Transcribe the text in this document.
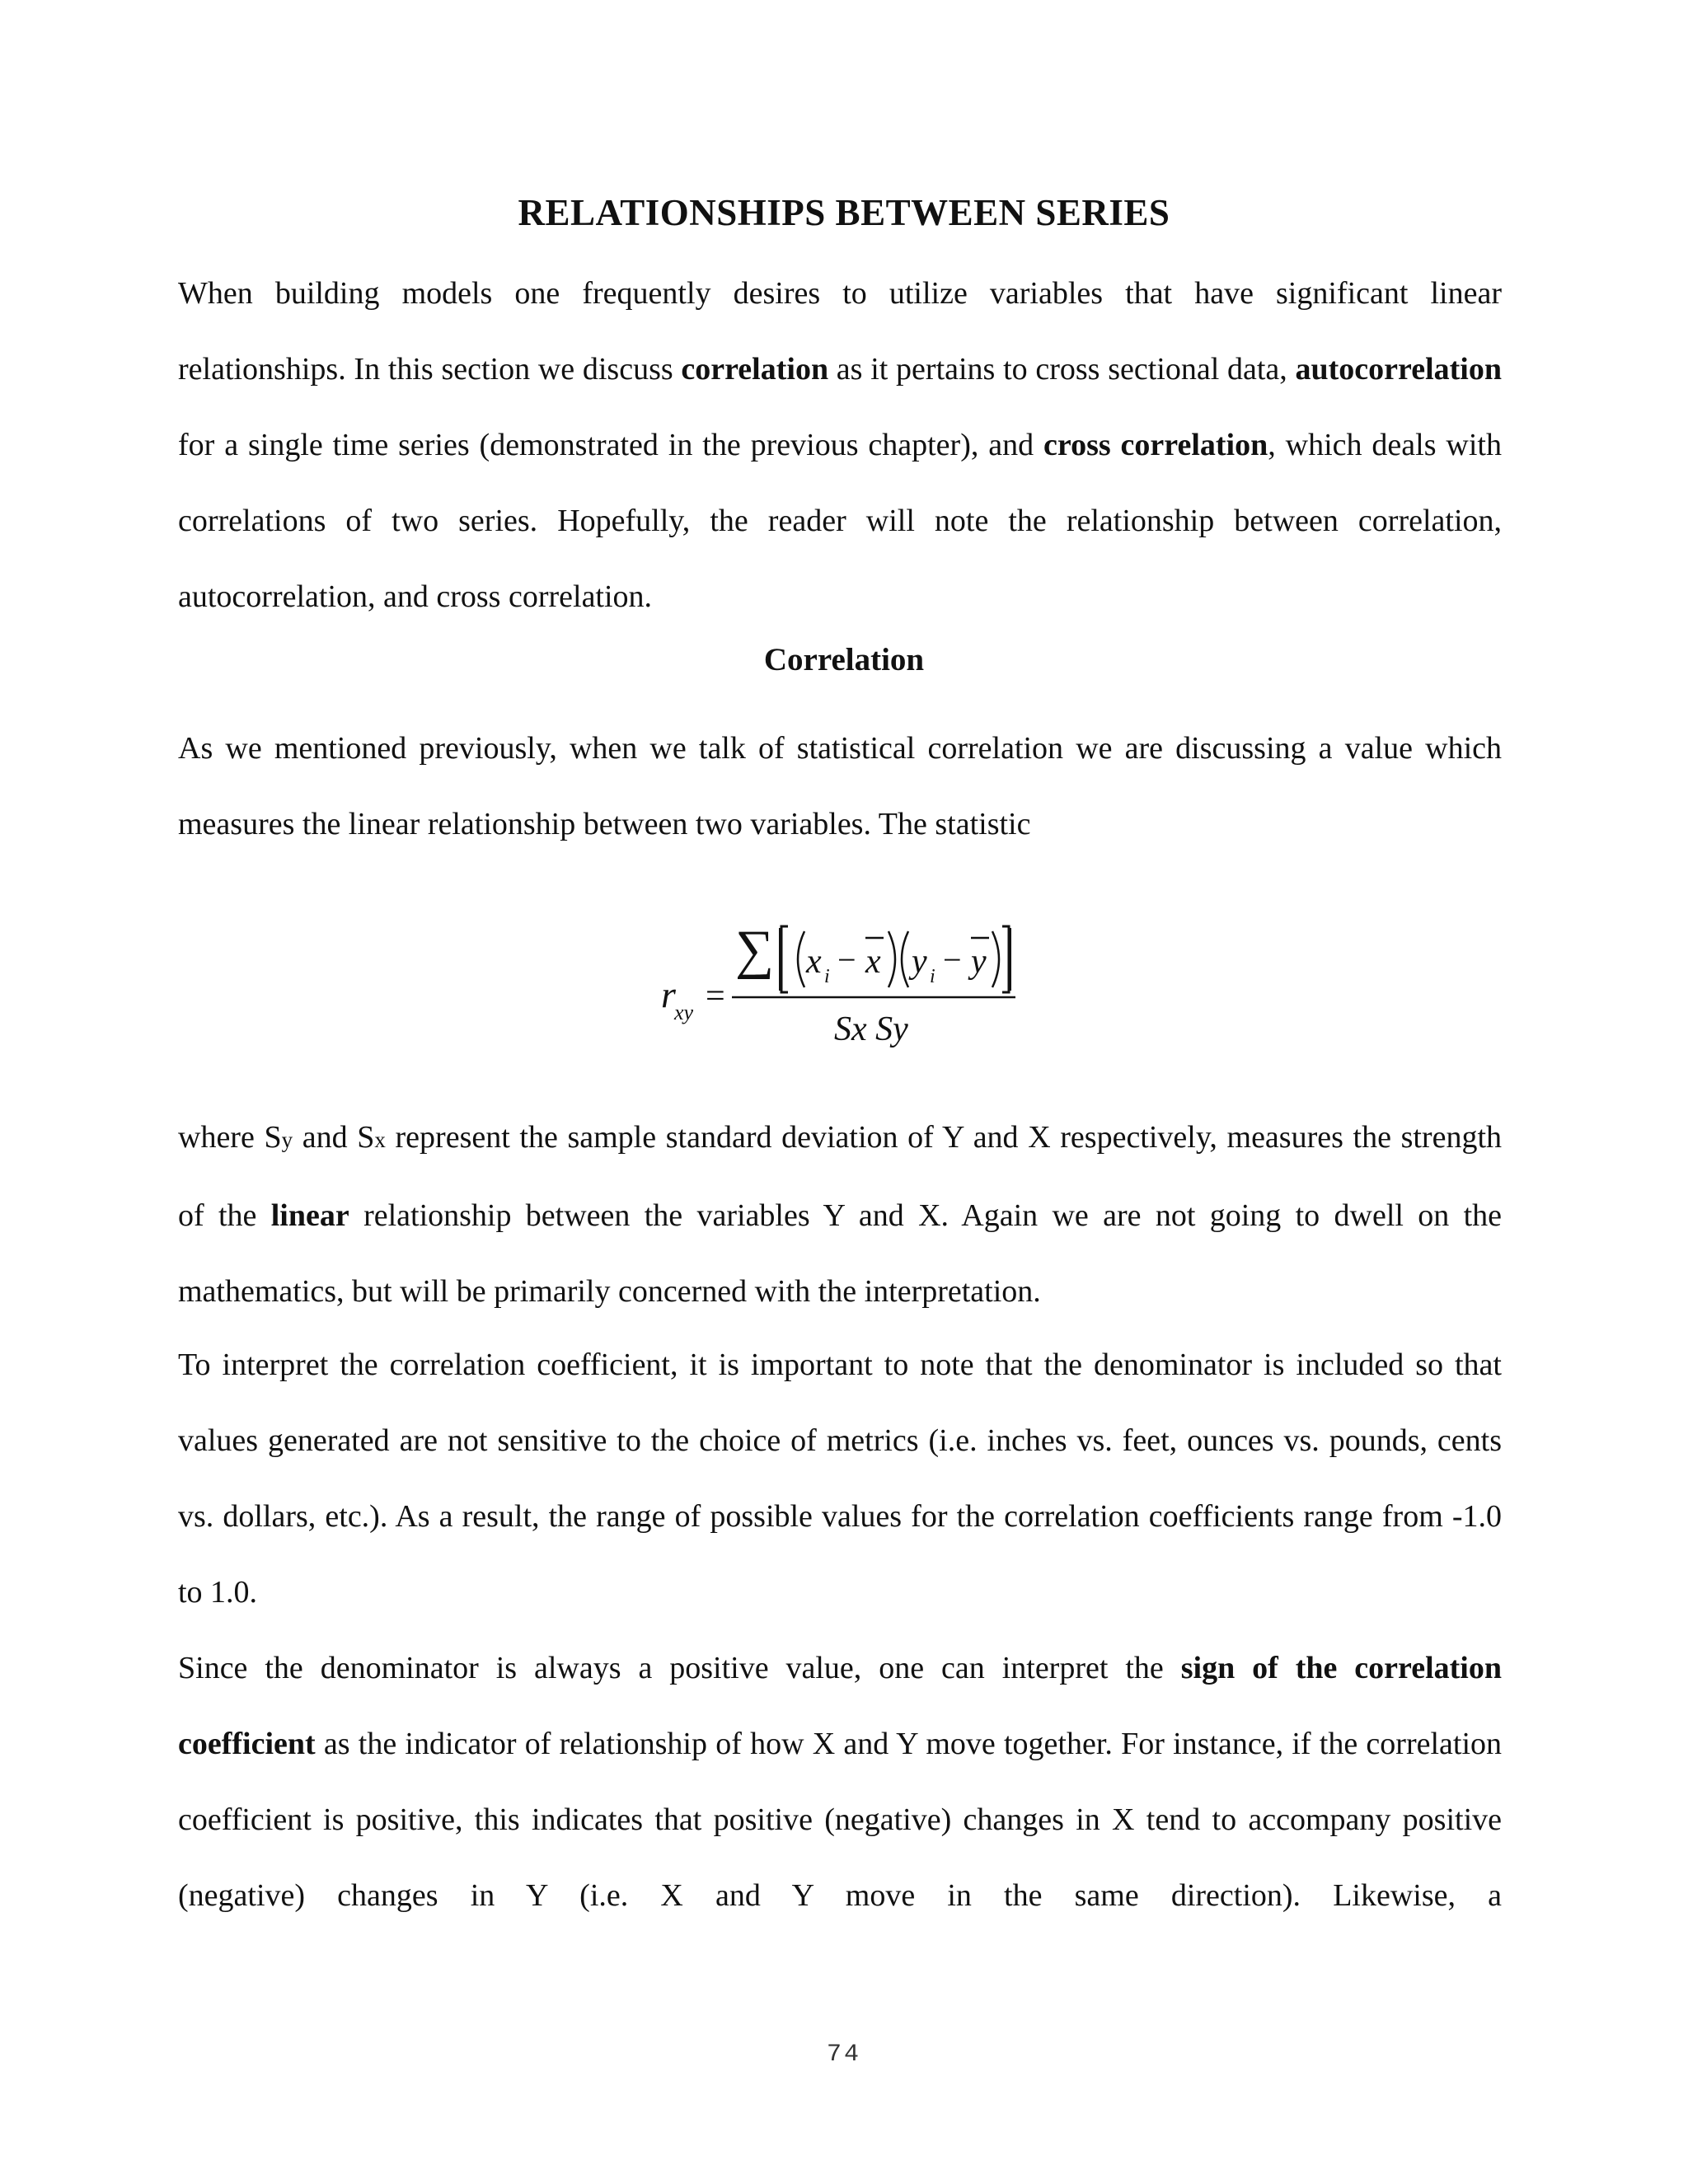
RELATIONSHIPS BETWEEN SERIES

When building models one frequently desires to utilize variables that have significant linear relationships. In this section we discuss correlation as it pertains to cross sectional data, autocorrelation for a single time series (demonstrated in the previous chapter), and cross correlation, which deals with correlations of two series. Hopefully, the reader will note the relationship between correlation, autocorrelation, and cross correlation.

Correlation

As we mentioned previously, when we talk of statistical correlation we are discussing a value which measures the linear relationship between two variables. The statistic

r
xy =
∑ x i − x y i − y
Sx Sy

where Sy and Sx represent the sample standard deviation of Y and X respectively, measures the strength of the linear relationship between the variables Y and X. Again we are not going to dwell on the mathematics, but will be primarily concerned with the interpretation.

To interpret the correlation coefficient, it is important to note that the denominator is included so that values generated are not sensitive to the choice of metrics (i.e. inches vs. feet, ounces vs. pounds, cents vs. dollars, etc.). As a result, the range of possible values for the correlation coefficients range from -1.0 to 1.0.

Since the denominator is always a positive value, one can interpret the sign of the correlation coefficient as the indicator of relationship of how X and Y move together. For instance, if the correlation coefficient is positive, this indicates that positive (negative) changes in X tend to accompany positive (negative) changes in Y (i.e. X and Y move in the same direction). Likewise, a

74
